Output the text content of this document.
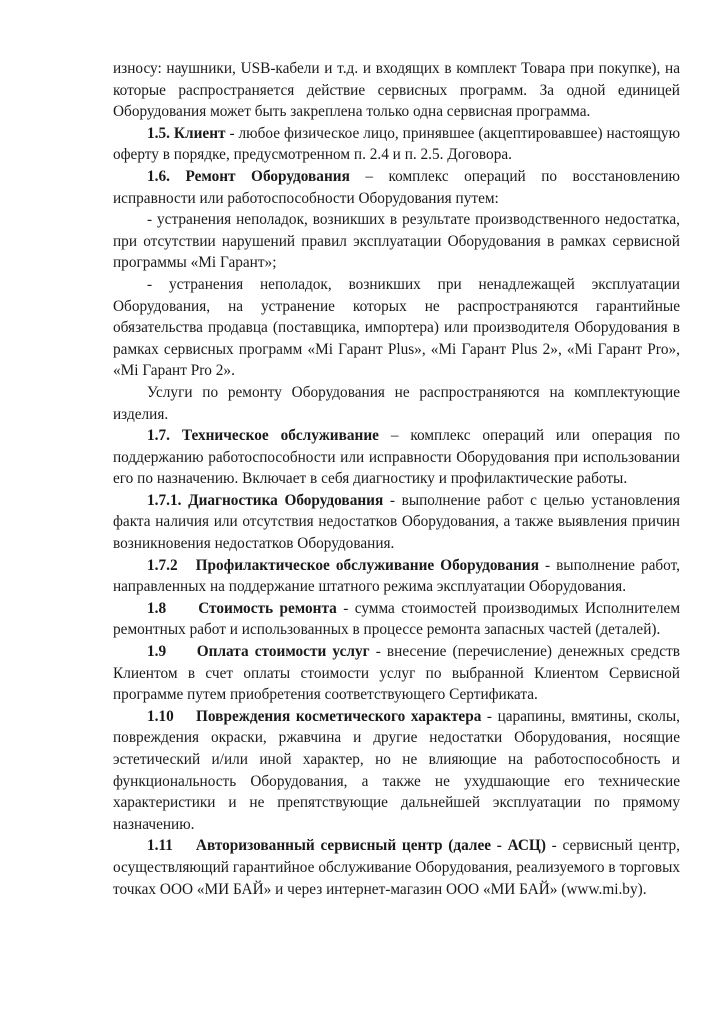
износу: наушники, USB-кабели и т.д. и входящих в комплект Товара при покупке), на которые распространяется действие сервисных программ. За одной единицей Оборудования может быть закреплена только одна сервисная программа.

1.5. Клиент - любое физическое лицо, принявшее (акцептировавшее) настоящую оферту в порядке, предусмотренном п. 2.4 и п. 2.5. Договора.

1.6. Ремонт Оборудования – комплекс операций по восстановлению исправности или работоспособности Оборудования путем:

- устранения неполадок, возникших в результате производственного недостатка, при отсутствии нарушений правил эксплуатации Оборудования в рамках сервисной программы «Mi Гарант»;

- устранения неполадок, возникших при ненадлежащей эксплуатации Оборудования, на устранение которых не распространяются гарантийные обязательства продавца (поставщика, импортера) или производителя Оборудования в рамках сервисных программ «Mi Гарант Plus», «Mi Гарант Plus 2», «Mi Гарант Pro», «Mi Гарант Pro 2».

Услуги по ремонту Оборудования не распространяются на комплектующие изделия.

1.7. Техническое обслуживание – комплекс операций или операция по поддержанию работоспособности или исправности Оборудования при использовании его по назначению. Включает в себя диагностику и профилактические работы.

1.7.1. Диагностика Оборудования - выполнение работ с целью установления факта наличия или отсутствия недостатков Оборудования, а также выявления причин возникновения недостатков Оборудования.

1.7.2 Профилактическое обслуживание Оборудования - выполнение работ, направленных на поддержание штатного режима эксплуатации Оборудования.

1.8 Стоимость ремонта - сумма стоимостей производимых Исполнителем ремонтных работ и использованных в процессе ремонта запасных частей (деталей).

1.9 Оплата стоимости услуг - внесение (перечисление) денежных средств Клиентом в счет оплаты стоимости услуг по выбранной Клиентом Сервисной программе путем приобретения соответствующего Сертификата.

1.10 Повреждения косметического характера - царапины, вмятины, сколы, повреждения окраски, ржавчина и другие недостатки Оборудования, носящие эстетический и/или иной характер, но не влияющие на работоспособность и функциональность Оборудования, а также не ухудшающие его технические характеристики и не препятствующие дальнейшей эксплуатации по прямому назначению.

1.11 Авторизованный сервисный центр (далее - АСЦ) - сервисный центр, осуществляющий гарантийное обслуживание Оборудования, реализуемого в торговых точках ООО «МИ БАЙ» и через интернет-магазин ООО «МИ БАЙ» (www.mi.by).
